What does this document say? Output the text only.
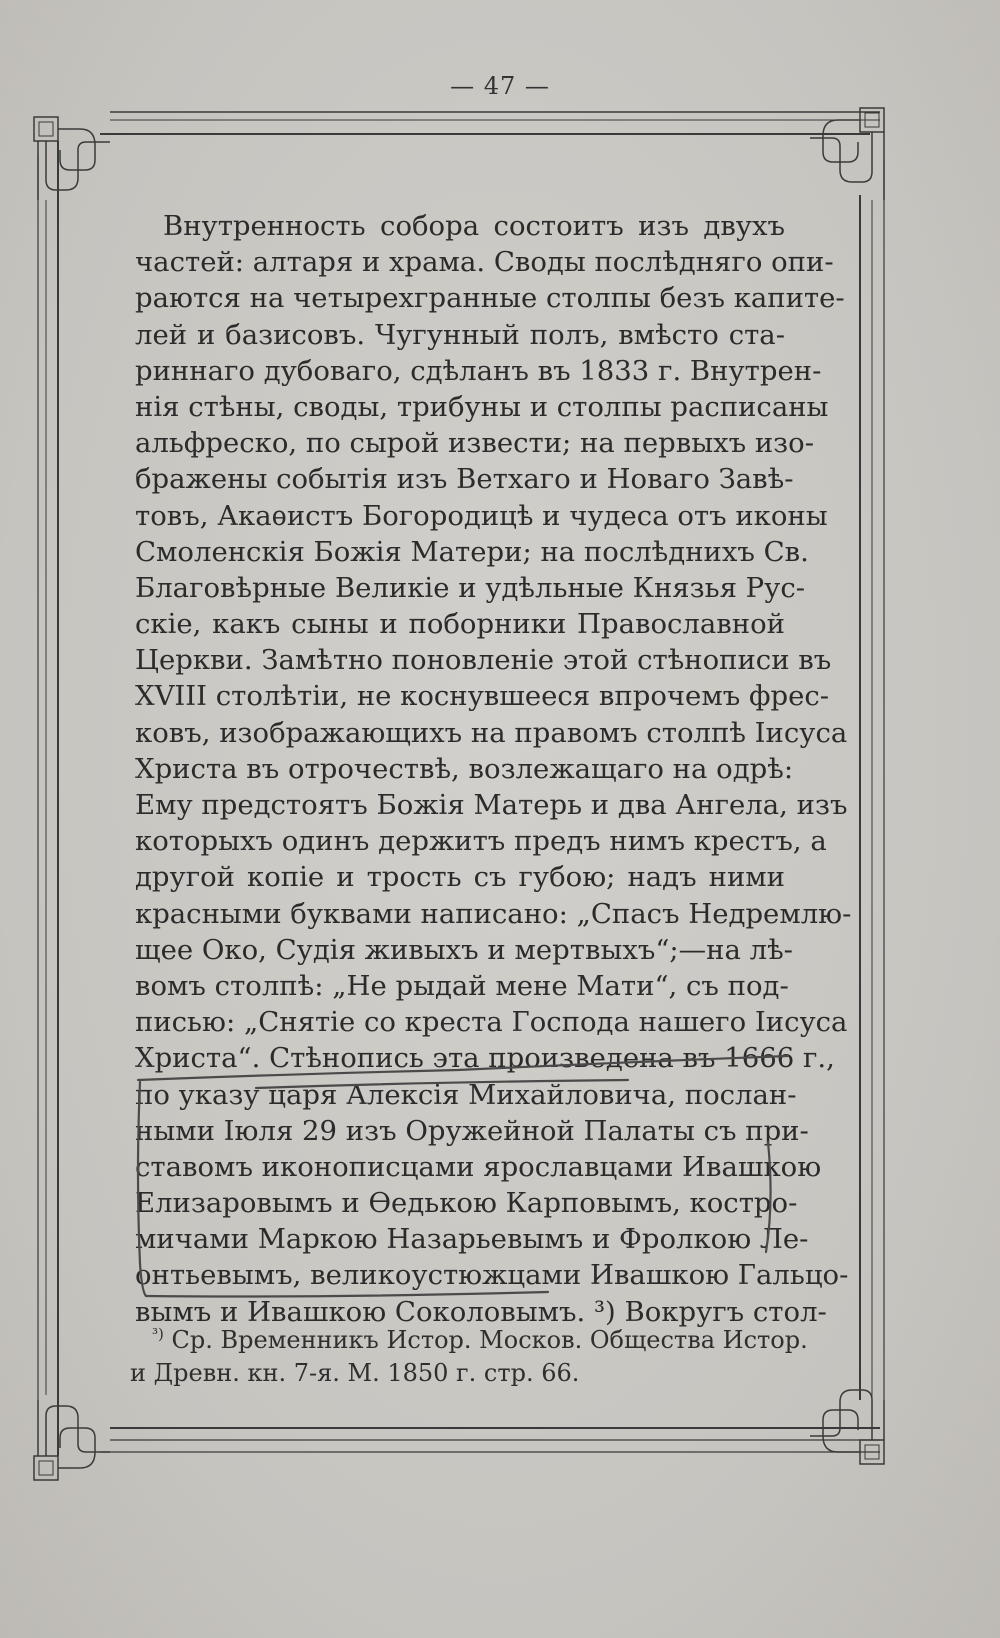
— 47 —
Внутренность собора состоитъ изъ двухъ
частей: алтаря и храма. Своды послѣдняго опи-
раются на четырехгранные столпы безъ капите-
лей и базисовъ. Чугунный полъ, вмѣсто ста-
риннаго дубоваго, сдѣланъ въ 1833 г. Внутрен-
нія стѣны, своды, трибуны и столпы расписаны
альфреско, по сырой извести; на первыхъ изо-
бражены событія изъ Ветхаго и Новаго Завѣ-
товъ, Акаѳистъ Богородицѣ и чудеса отъ иконы
Смоленскія Божія Матери; на послѣднихъ Св.
Благовѣрные Великіе и удѣльные Князья Рус-
скіе, какъ сыны и поборники Православной
Церкви. Замѣтно поновленіе этой стѣнописи въ
XVIII столѣтіи, не коснувшееся впрочемъ фрес-
ковъ, изображающихъ на правомъ столпѣ Іисуса
Христа въ отрочествѣ, возлежащаго на одрѣ:
Ему предстоятъ Божія Матерь и два Ангела, изъ
которыхъ одинъ держитъ предъ нимъ крестъ, а
другой копіе и трость съ губою; надъ ними
красными буквами написано: „Спасъ Недремлю-
щее Око, Судія живыхъ и мертвыхъ“;—на лѣ-
вомъ столпѣ: „Не рыдай мене Мати“, съ под-
писью: „Снятіе со креста Господа нашего Іисуса
Христа“. Стѣнопись эта произведена въ 1666 г.,
по указу царя Алексія Михайловича, послан-
ными Іюля 29 изъ Оружейной Палаты съ при-
ставомъ иконописцами ярославцами Ивашкою
Елизаровымъ и Ѳедькою Карповымъ, костро-
мичами Маркою Назарьевымъ и Фролкою Ле-
онтьевымъ, великоустюжцами Ивашкою Гальцо-
вымъ и Ивашкою Соколовымъ. ³) Вокругъ стол-
$^{^3)}$ Ср. Временникъ Истор. Москов. Общества Истор.
и Древн. кн. 7-я. М. 1850 г. стр. 66.
